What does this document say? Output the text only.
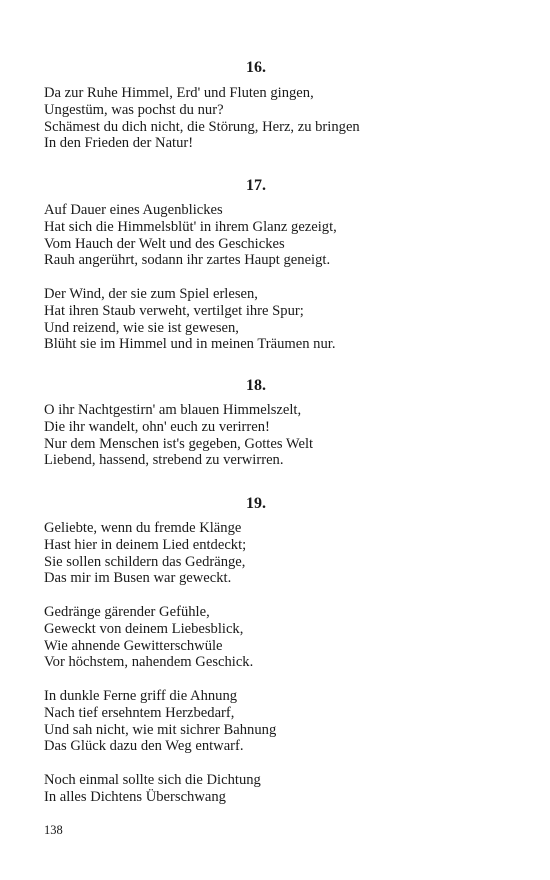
16.
Da zur Ruhe Himmel, Erd' und Fluten gingen,
Ungestüm, was pochst du nur?
Schämest du dich nicht, die Störung, Herz, zu bringen
In den Frieden der Natur!
17.
Auf Dauer eines Augenblickes
Hat sich die Himmelsblüt' in ihrem Glanz gezeigt,
Vom Hauch der Welt und des Geschickes
Rauh angerührt, sodann ihr zartes Haupt geneigt.
Der Wind, der sie zum Spiel erlesen,
Hat ihren Staub verweht, vertilget ihre Spur;
Und reizend, wie sie ist gewesen,
Blüht sie im Himmel und in meinen Träumen nur.
18.
O ihr Nachtgestirn' am blauen Himmelszelt,
Die ihr wandelt, ohn' euch zu verirren!
Nur dem Menschen ist's gegeben, Gottes Welt
Liebend, hassend, strebend zu verwirren.
19.
Geliebte, wenn du fremde Klänge
Hast hier in deinem Lied entdeckt;
Sie sollen schildern das Gedränge,
Das mir im Busen war geweckt.
Gedränge gärender Gefühle,
Geweckt von deinem Liebesblick,
Wie ahnende Gewitterschwüle
Vor höchstem, nahendem Geschick.
In dunkle Ferne griff die Ahnung
Nach tief ersehntem Herzbedarf,
Und sah nicht, wie mit sichrer Bahnung
Das Glück dazu den Weg entwarf.
Noch einmal sollte sich die Dichtung
In alles Dichtens Überschwang
138
